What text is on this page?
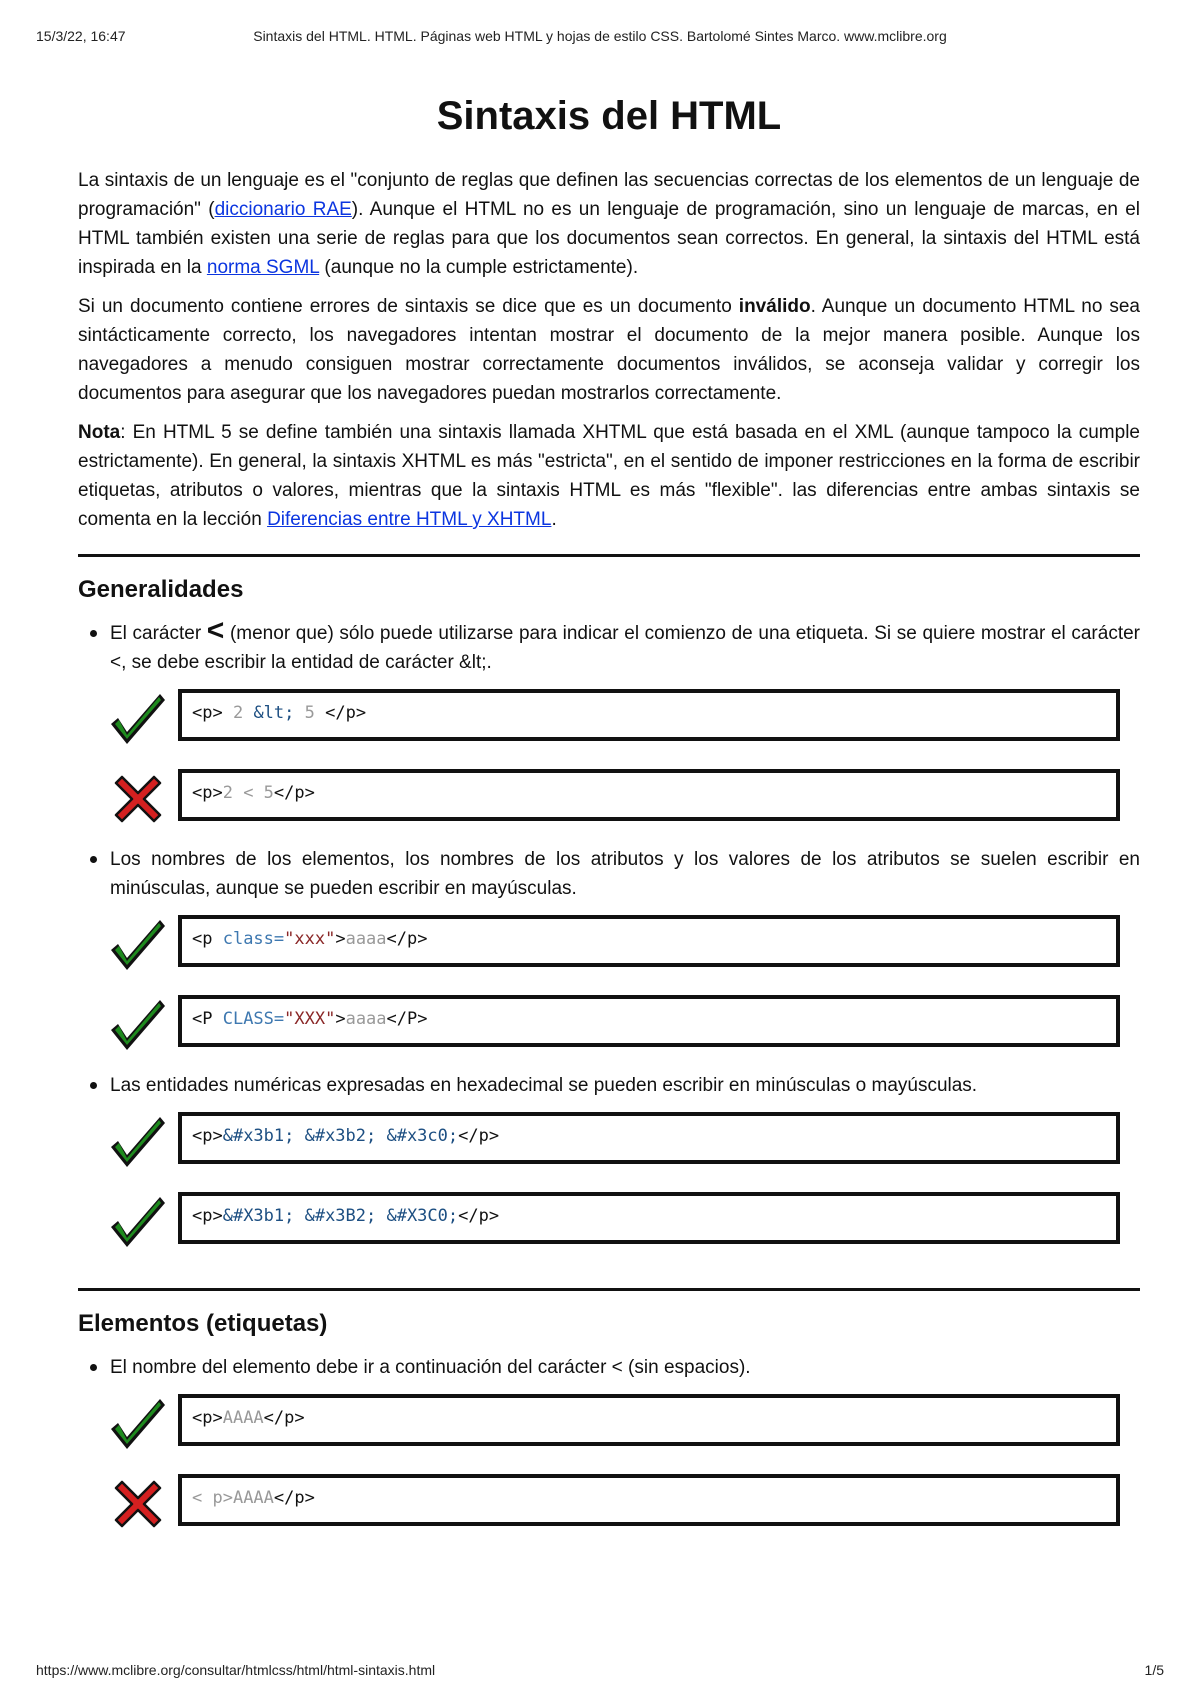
15/3/22, 16:47	Sintaxis del HTML. HTML. Páginas web HTML y hojas de estilo CSS. Bartolomé Sintes Marco. www.mclibre.org
Sintaxis del HTML

La sintaxis de un lenguaje es el "conjunto de reglas que definen las secuencias correctas de los elementos de un lenguaje de programación" (diccionario RAE). Aunque el HTML no es un lenguaje de programación, sino un lenguaje de marcas, en el HTML también existen una serie de reglas para que los documentos sean correctos. En general, la sintaxis del HTML está inspirada en la norma SGML (aunque no la cumple estrictamente).

Si un documento contiene errores de sintaxis se dice que es un documento inválido. Aunque un documento HTML no sea sintácticamente correcto, los navegadores intentan mostrar el documento de la mejor manera posible. Aunque los navegadores a menudo consiguen mostrar correctamente documentos inválidos, se aconseja validar y corregir los documentos para asegurar que los navegadores puedan mostrarlos correctamente.

Nota: En HTML 5 se define también una sintaxis llamada XHTML que está basada en el XML (aunque tampoco la cumple estrictamente). En general, la sintaxis XHTML es más "estricta", en el sentido de imponer restricciones en la forma de escribir etiquetas, atributos o valores, mientras que la sintaxis HTML es más "flexible". las diferencias entre ambas sintaxis se comenta en la lección Diferencias entre HTML y XHTML.

Generalidades
El carácter < (menor que) sólo puede utilizarse para indicar el comienzo de una etiqueta. Si se quiere mostrar el carácter <, se debe escribir la entidad de carácter &lt;.
<p> 2 &lt; 5 </p>
<p>2 < 5</p>
Los nombres de los elementos, los nombres de los atributos y los valores de los atributos se suelen escribir en minúsculas, aunque se pueden escribir en mayúsculas.
<p class="xxx">aaaa</p>
<P CLASS="XXX">aaaa</P>
Las entidades numéricas expresadas en hexadecimal se pueden escribir en minúsculas o mayúsculas.
<p>&#x3b1; &#x3b2; &#x3c0;</p>
<p>&#X3b1; &#x3B2; &#X3C0;</p>
Elementos (etiquetas)
El nombre del elemento debe ir a continuación del carácter < (sin espacios).
<p>AAAA</p>
< p>AAAA</p>
https://www.mclibre.org/consultar/htmlcss/html/html-sintaxis.html	1/5
